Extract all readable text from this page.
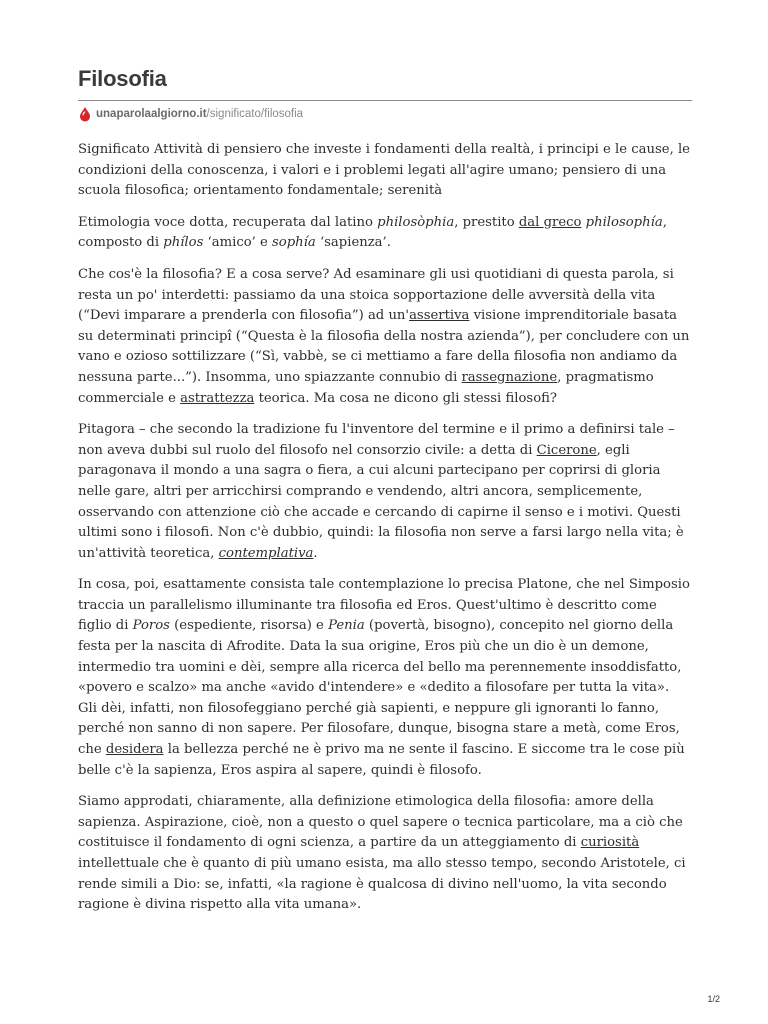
Filosofia
unaparolaalgiorno.it/significato/filosofia

Significato Attività di pensiero che investe i fondamenti della realtà, i principi e le cause, le condizioni della conoscenza, i valori e i problemi legati all'agire umano; pensiero di una scuola filosofica; orientamento fondamentale; serenità

Etimologia voce dotta, recuperata dal latino philosòphia, prestito dal greco philosophía, composto di phílos ‘amico’ e sophía ‘sapienza’.

Che cos'è la filosofia? E a cosa serve? Ad esaminare gli usi quotidiani di questa parola, si resta un po' interdetti: passiamo da una stoica sopportazione delle avversità della vita (“Devi imparare a prenderla con filosofia”) ad un'assertiva visione imprenditoriale basata su determinati principî (“Questa è la filosofia della nostra azienda”), per concludere con un vano e ozioso sottilizzare (“Sì, vabbè, se ci mettiamo a fare della filosofia non andiamo da nessuna parte...”). Insomma, uno spiazzante connubio di rassegnazione, pragmatismo commerciale e astrattezza teorica. Ma cosa ne dicono gli stessi filosofi?

Pitagora – che secondo la tradizione fu l'inventore del termine e il primo a definirsi tale – non aveva dubbi sul ruolo del filosofo nel consorzio civile: a detta di Cicerone, egli paragonava il mondo a una sagra o fiera, a cui alcuni partecipano per coprirsi di gloria nelle gare, altri per arricchirsi comprando e vendendo, altri ancora, semplicemente, osservando con attenzione ciò che accade e cercando di capirne il senso e i motivi. Questi ultimi sono i filosofi. Non c'è dubbio, quindi: la filosofia non serve a farsi largo nella vita; è un'attività teoretica, contemplativa.

In cosa, poi, esattamente consista tale contemplazione lo precisa Platone, che nel Simposio traccia un parallelismo illuminante tra filosofia ed Eros. Quest'ultimo è descritto come figlio di Poros (espediente, risorsa) e Penia (povertà, bisogno), concepito nel giorno della festa per la nascita di Afrodite. Data la sua origine, Eros più che un dio è un demone, intermedio tra uomini e dèi, sempre alla ricerca del bello ma perennemente insoddisfatto, «povero e scalzo» ma anche «avido d'intendere» e «dedito a filosofare per tutta la vita». Gli dèi, infatti, non filosofeggiano perché già sapienti, e neppure gli ignoranti lo fanno, perché non sanno di non sapere. Per filosofare, dunque, bisogna stare a metà, come Eros, che desidera la bellezza perché ne è privo ma ne sente il fascino. E siccome tra le cose più belle c'è la sapienza, Eros aspira al sapere, quindi è filosofo.

Siamo approdati, chiaramente, alla definizione etimologica della filosofia: amore della sapienza. Aspirazione, cioè, non a questo o quel sapere o tecnica particolare, ma a ciò che costituisce il fondamento di ogni scienza, a partire da un atteggiamento di curiosità intellettuale che è quanto di più umano esista, ma allo stesso tempo, secondo Aristotele, ci rende simili a Dio: se, infatti, «la ragione è qualcosa di divino nell'uomo, la vita secondo ragione è divina rispetto alla vita umana».

1/2
